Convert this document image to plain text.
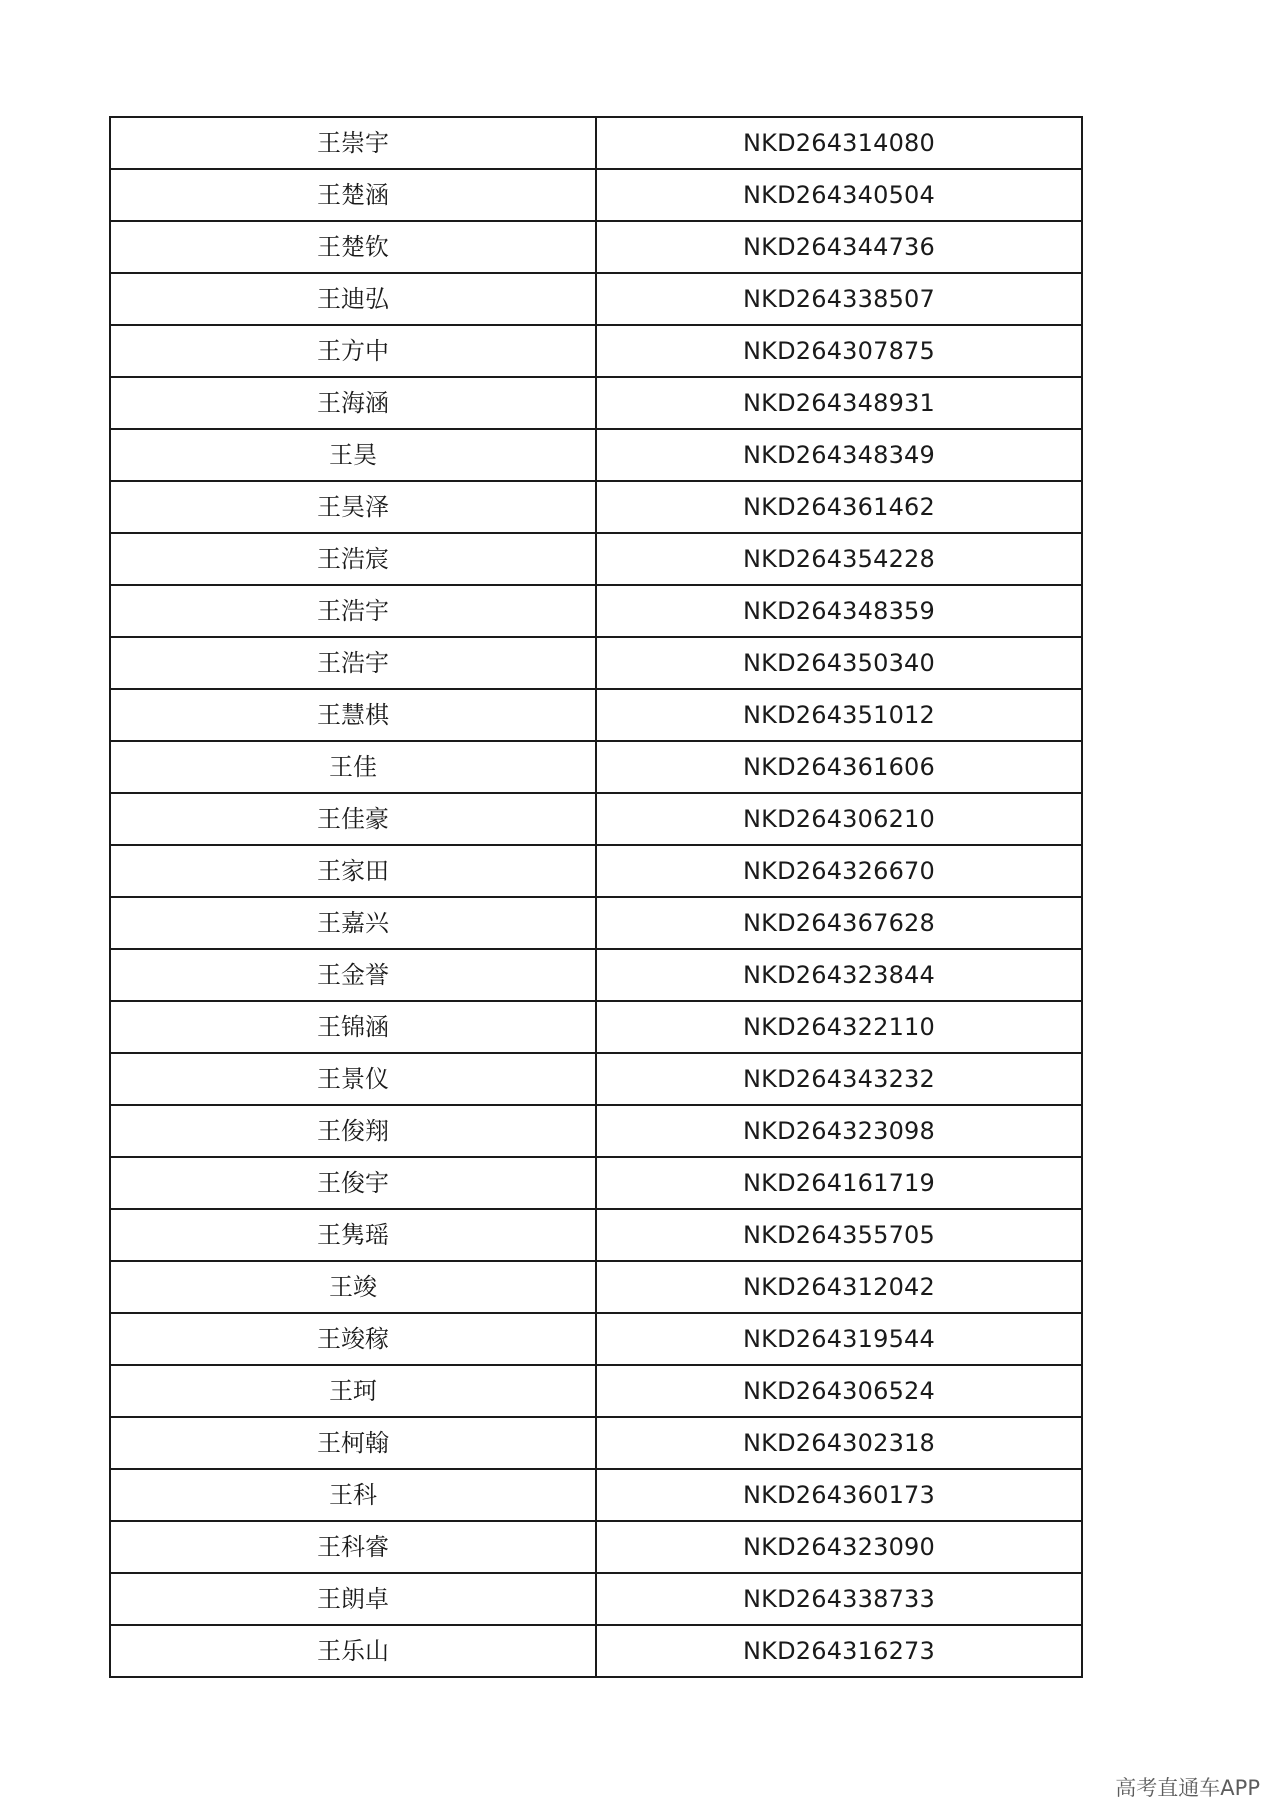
王崇宇	NKD264314080
王楚涵	NKD264340504
王楚钦	NKD264344736
王迪弘	NKD264338507
王方中	NKD264307875
王海涵	NKD264348931
王昊	NKD264348349
王昊泽	NKD264361462
王浩宸	NKD264354228
王浩宇	NKD264348359
王浩宇	NKD264350340
王慧棋	NKD264351012
王佳	NKD264361606
王佳豪	NKD264306210
王家田	NKD264326670
王嘉兴	NKD264367628
王金誉	NKD264323844
王锦涵	NKD264322110
王景仪	NKD264343232
王俊翔	NKD264323098
王俊宇	NKD264161719
王隽瑶	NKD264355705
王竣	NKD264312042
王竣稼	NKD264319544
王珂	NKD264306524
王柯翰	NKD264302318
王科	NKD264360173
王科睿	NKD264323090
王朗卓	NKD264338733
王乐山	NKD264316273
高考直通车APP
